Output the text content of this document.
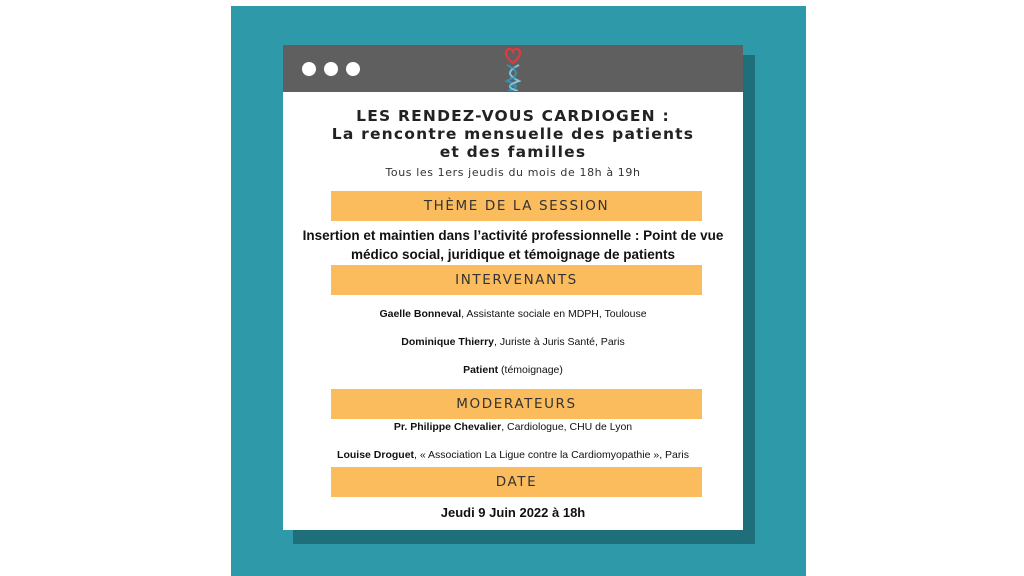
LES RENDEZ-VOUS CARDIOGEN :
La rencontre mensuelle des patients
et des familles
Tous les 1ers jeudis du mois de 18h à 19h
THÈME DE LA SESSION
Insertion et maintien dans l’activité professionnelle : Point de vue
médico social, juridique et témoignage de patients
INTERVENANTS
Gaelle Bonneval, Assistante sociale en MDPH, Toulouse
Dominique Thierry, Juriste à Juris Santé, Paris
Patient (témoignage)
MODERATEURS
Pr. Philippe Chevalier, Cardiologue, CHU de Lyon
Louise Droguet, « Association La Ligue contre la Cardiomyopathie », Paris
DATE
Jeudi 9 Juin 2022 à 18h
